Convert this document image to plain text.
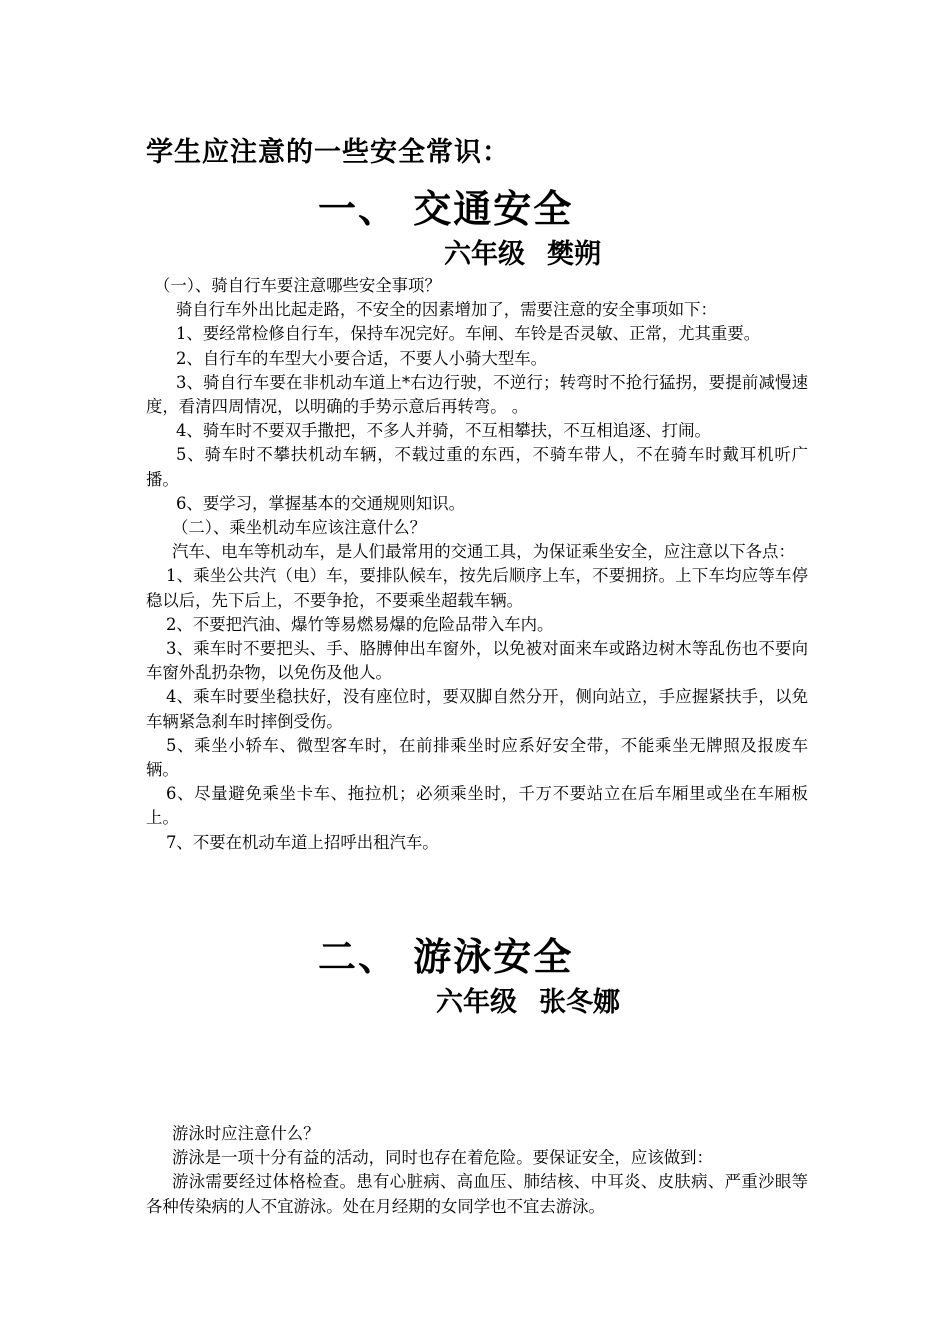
学生应注意的一些安全常识：
一、 交通安全
六年级 樊朔

（一）、骑自行车要注意哪些安全事项？

骑自行车外出比起走路，不安全的因素增加了，需要注意的安全事项如下：

1、要经常检修自行车，保持车况完好。车闸、车铃是否灵敏、正常，尤其重要。

2、自行车的车型大小要合适，不要人小骑大型车。

3、骑自行车要在非机动车道上*右边行驶，不逆行；转弯时不抢行猛拐，要提前减慢速度，看清四周情况，以明确的手势示意后再转弯。 。

4、骑车时不要双手撒把，不多人并骑，不互相攀扶，不互相追逐、打闹。

5、骑车时不攀扶机动车辆，不载过重的东西，不骑车带人，不在骑车时戴耳机听广播。

6、要学习，掌握基本的交通规则知识。

（二）、乘坐机动车应该注意什么？

汽车、电车等机动车，是人们最常用的交通工具，为保证乘坐安全，应注意以下各点：

1、乘坐公共汽（电）车，要排队候车，按先后顺序上车，不要拥挤。上下车均应等车停稳以后，先下后上，不要争抢，不要乘坐超载车辆。

2、不要把汽油、爆竹等易燃易爆的危险品带入车内。

3、乘车时不要把头、手、胳膊伸出车窗外，以免被对面来车或路边树木等乱伤也不要向车窗外乱扔杂物，以免伤及他人。

4、乘车时要坐稳扶好，没有座位时，要双脚自然分开，侧向站立，手应握紧扶手，以免车辆紧急刹车时摔倒受伤。

5、乘坐小轿车、微型客车时，在前排乘坐时应系好安全带，不能乘坐无牌照及报废车辆。

6、尽量避免乘坐卡车、拖拉机；必须乘坐时，千万不要站立在后车厢里或坐在车厢板上。

7、不要在机动车道上招呼出租汽车。

二、 游泳安全
六年级 张冬娜

游泳时应注意什么？

游泳是一项十分有益的活动，同时也存在着危险。要保证安全，应该做到：

游泳需要经过体格检查。患有心脏病、高血压、肺结核、中耳炎、皮肤病、严重沙眼等各种传染病的人不宜游泳。处在月经期的女同学也不宜去游泳。
